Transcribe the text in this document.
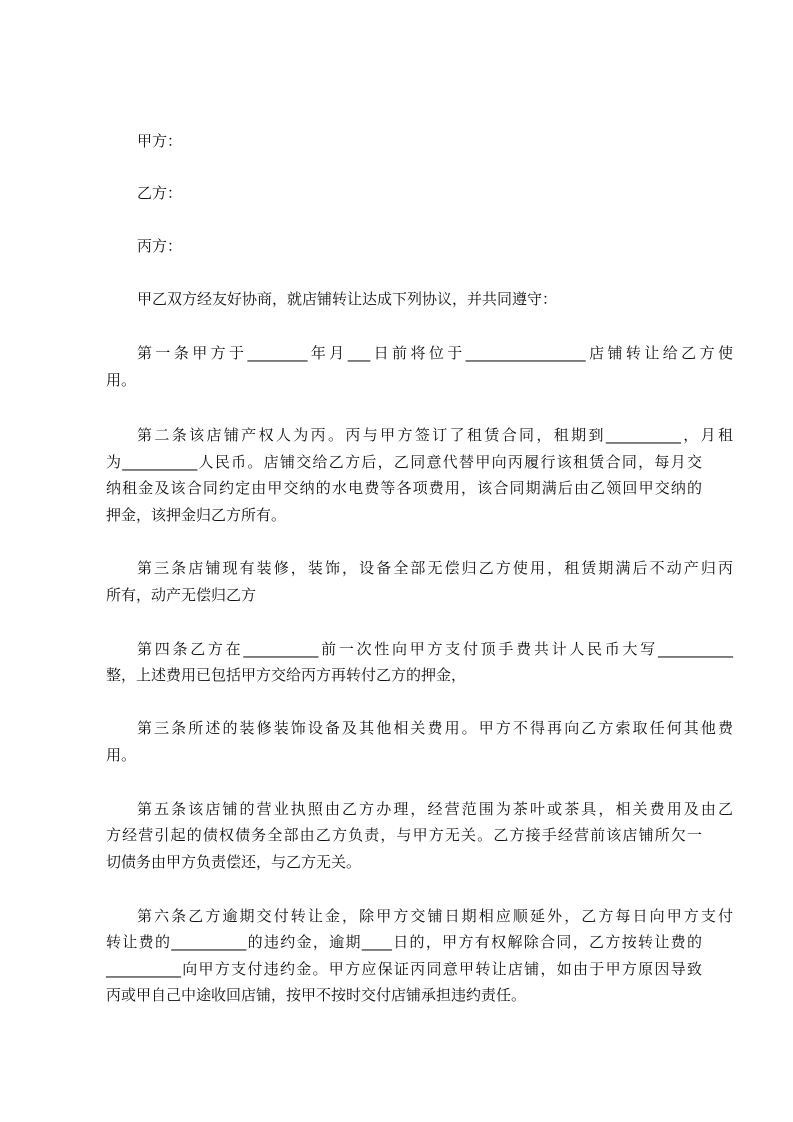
甲方：

乙方：

丙方：

甲乙双方经友好协商，就店铺转让达成下列协议，并共同遵守：

第一条甲方于________年月___日前将位于________________店铺转让给乙方使

用。

第二条该店铺产权人为丙。丙与甲方签订了租赁合同，租期到__________，月租

为__________人民币。店铺交给乙方后，乙同意代替甲向丙履行该租赁合同，每月交

纳租金及该合同约定由甲交纳的水电费等各项费用，该合同期满后由乙领回甲交纳的

押金，该押金归乙方所有。

第三条店铺现有装修，装饰，设备全部无偿归乙方使用，租赁期满后不动产归丙

所有，动产无偿归乙方

第四条乙方在__________前一次性向甲方支付顶手费共计人民币大写__________

整，上述费用已包括甲方交给丙方再转付乙方的押金，

第三条所述的装修装饰设备及其他相关费用。甲方不得再向乙方索取任何其他费

用。

第五条该店铺的营业执照由乙方办理，经营范围为茶叶或茶具，相关费用及由乙

方经营引起的债权债务全部由乙方负责，与甲方无关。乙方接手经营前该店铺所欠一

切债务由甲方负责偿还，与乙方无关。

第六条乙方逾期交付转让金，除甲方交铺日期相应顺延外，乙方每日向甲方支付

转让费的__________的违约金，逾期____日的，甲方有权解除合同，乙方按转让费的

__________向甲方支付违约金。甲方应保证丙同意甲转让店铺，如由于甲方原因导致

丙或甲自己中途收回店铺，按甲不按时交付店铺承担违约责任。
